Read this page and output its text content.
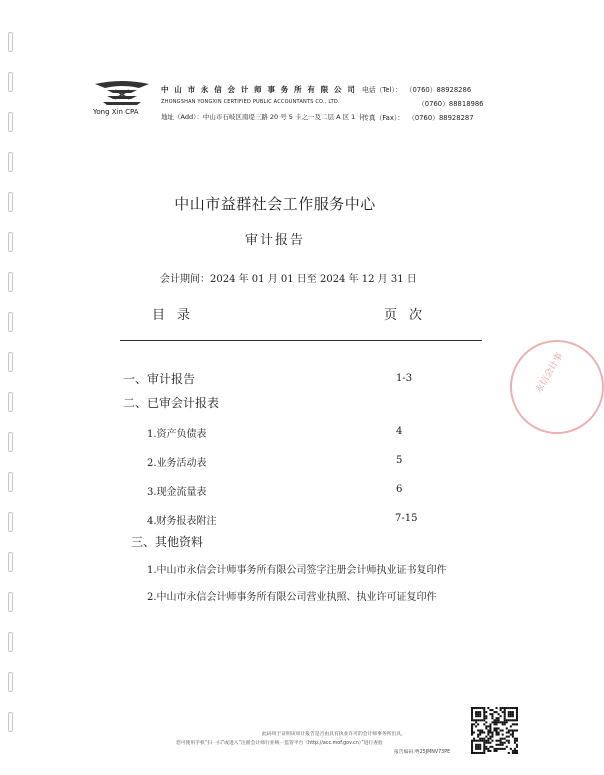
Yong Xin CPA
中 山 市 永 信 会 计 师 事 务 所 有 限 公 司
ZHONGSHAN YONGXIN CERTIFIED PUBLIC ACCOUNTANTS CO., LTD.
地址（Add）：中山市石岐区南堤三路 20 号 5 卡之一及二层 A 区 1 卡
电话（Tel）： （0760）88928286
（0760）88818986
传真（Fax）： （0760）88928287
中山市益群社会工作服务中心
审计报告
会计期间：2024 年 01 月 01 日至 2024 年 12 月 31 日
目录	页次
一、审计报告	1-3
二、已审会计报表
1.资产负债表	4
2.业务活动表	5
3.现金流量表	6
4.财务报表附注	7-15
三、其他资料
1.中山市永信会计师事务所有限公司签字注册会计师执业证书复印件
2.中山市永信会计师事务所有限公司营业执照、执业许可证复印件
永信会计事
此码用于证明该审计报告是否由具有执业许可的会计师事务所出具，
您可使用手机“扫一扫”或进入“注册会计师行业统一监管平台（http://acc.mof.gov.cn）”进行查验
报告编码:粤25JMNV73PE
